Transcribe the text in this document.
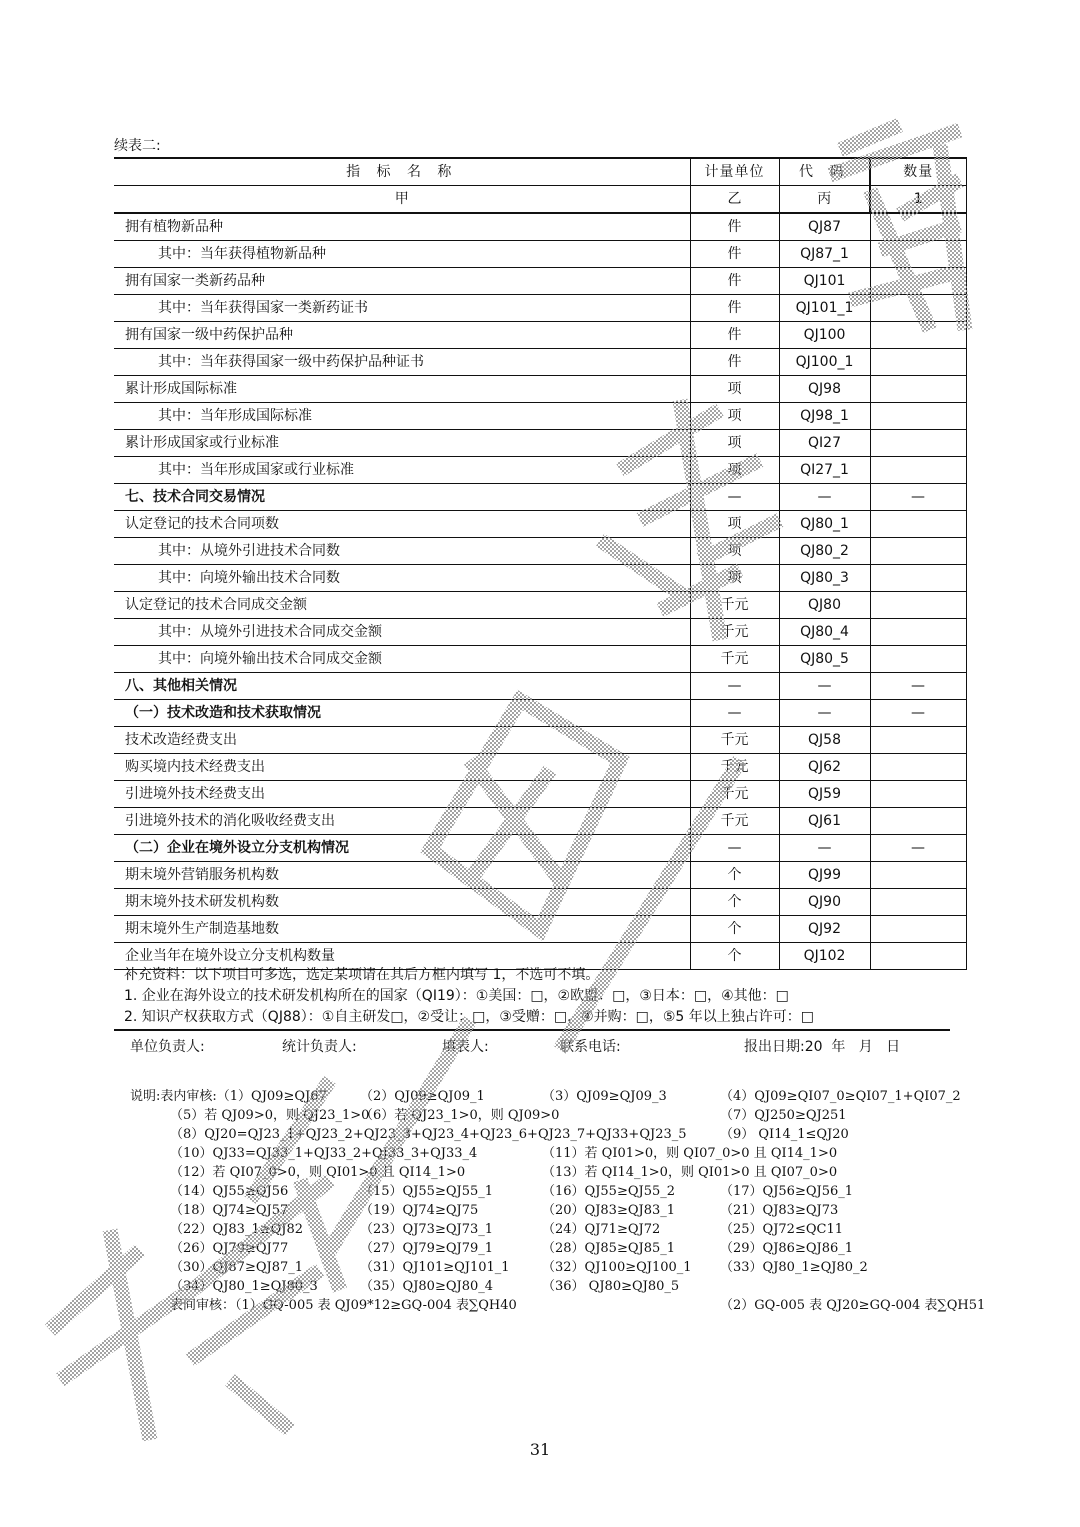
续表二:
指 标 名 称	计量单位	代 码	数量
甲	乙	丙	1
拥有植物新品种	件	QJ87	
其中：当年获得植物新品种	件	QJ87_1	
拥有国家一类新药品种	件	QJ101	
其中：当年获得国家一类新药证书	件	QJ101_1	
拥有国家一级中药保护品种	件	QJ100	
其中：当年获得国家一级中药保护品种证书	件	QJ100_1	
累计形成国际标准	项	QJ98	
其中：当年形成国际标准	项	QJ98_1	
累计形成国家或行业标准	项	QI27	
其中：当年形成国家或行业标准	项	QI27_1	
七、技术合同交易情况	—	—	—
认定登记的技术合同项数	项	QJ80_1	
其中：从境外引进技术合同数	项	QJ80_2	
其中：向境外输出技术合同数	项	QJ80_3	
认定登记的技术合同成交金额	千元	QJ80	
其中：从境外引进技术合同成交金额	千元	QJ80_4	
其中：向境外输出技术合同成交金额	千元	QJ80_5	
八、其他相关情况	—	—	—
（一）技术改造和技术获取情况	—	—	—
技术改造经费支出	千元	QJ58	
购买境内技术经费支出	千元	QJ62	
引进境外技术经费支出	千元	QJ59	
引进境外技术的消化吸收经费支出	千元	QJ61	
（二）企业在境外设立分支机构情况	—	—	—
期末境外营销服务机构数	个	QJ99	
期末境外技术研发机构数	个	QJ90	
期末境外生产制造基地数	个	QJ92	
企业当年在境外设立分支机构数量	个	QJ102	
补充资料：以下项目可多选，选定某项请在其后方框内填写 1，不选可不填。
1. 企业在海外设立的技术研发机构所在的国家（QI19）：①美国：□，②欧盟：□，③日本：□，④其他：□
2. 知识产权获取方式（QJ88）：①自主研发□，②受让：□，③受赠：□，④并购：□，⑤5 年以上独占许可：□
单位负责人:	统计负责人:	填表人:	联系电话:	报出日期:20  年   月   日
说明:表内审核:（1）QJ09≥QJ67	（2）QJ09≥QJ09_1	（3）QJ09≥QJ09_3	（4）QJ09≥QI07_0≥QI07_1+QI07_2
（5）若 QJ09>0，则 QJ23_1>0
（6）若 QJ23_1>0，则 QJ09>0	（7）QJ250≥QJ251
（8）QJ20=QJ23_1+QJ23_2+QJ23_3+QJ23_4+QJ23_6+QJ23_7+QJ33+QJ23_5	（9） QI14_1≤QJ20
（10）QJ33=QJ33_1+QJ33_2+QJ33_3+QJ33_4	（11）若 QI01>0，则 QI07_0>0 且 QI14_1>0
（12）若 QI07_0>0，则 QI01>0 且 QI14_1>0	（13）若 QI14_1>0，则 QI01>0 且 QI07_0>0
（14）QJ55≥QJ56	（15）QJ55≥QJ55_1	（16）QJ55≥QJ55_2	（17）QJ56≥QJ56_1
（18）QJ74≥QJ57	（19）QJ74≥QJ75	（20）QJ83≥QJ83_1	（21）QJ83≥QJ73
（22）QJ83_1≥QJ82	（23）QJ73≥QJ73_1	（24）QJ71≥QJ72	（25）QJ72≤QC11
（26）QJ79≥QJ77	（27）QJ79≥QJ79_1	（28）QJ85≥QJ85_1	（29）QJ86≥QJ86_1
（30）QJ87≥QJ87_1	（31）QJ101≥QJ101_1 （32）QJ100≥QJ100_1 （33）QJ80_1≥QJ80_2
（34）QJ80_1≥QJ80_3	（35）QJ80≥QJ80_4	（36） QJ80≥QJ80_5
表间审核：（1）GQ-005 表 QJ09*12≥GQ-004 表∑QH40	（2）GQ-005 表 QJ20≥GQ-004 表∑QH51
31
